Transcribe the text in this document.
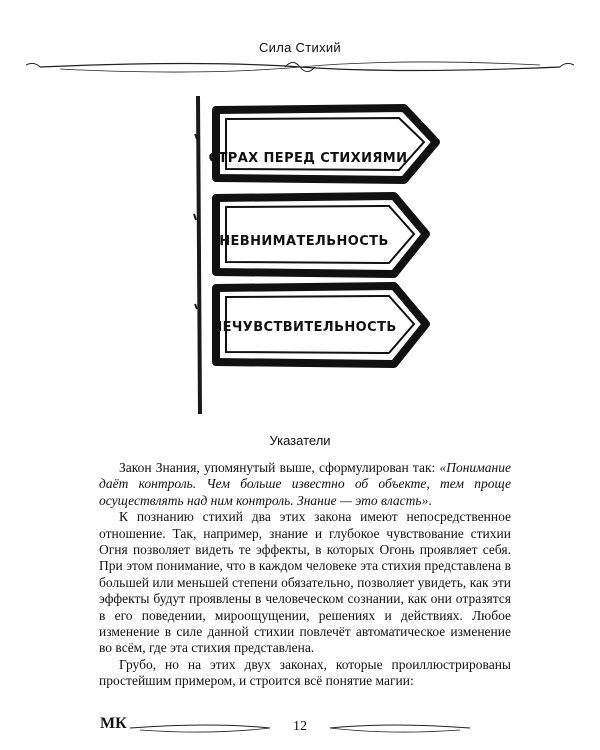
Сила Стихий
СТРАХ ПЕРЕД СТИХИЯМИ
НЕВНИМАТЕЛЬНОСТЬ
НЕЧУВСТВИТЕЛЬНОСТЬ
Указатели

Закон Знания, упомянутый выше, сформулирован так: «Понимание даёт контроль. Чем больше известно об объекте, тем проще осуществлять над ним контроль. Знание — это власть».

К познанию стихий два этих закона имеют непосредственное отношение. Так, например, знание и глубокое чувствование стихии Огня позволяет видеть те эффекты, в которых Огонь проявляет себя. При этом понимание, что в каждом человеке эта стихия представлена в большей или меньшей степени обязательно, позволяет увидеть, как эти эффекты будут проявлены в человеческом сознании, как они отразятся в его поведении, мироощущении, решениях и действиях. Любое изменение в силе данной стихии повлечёт автоматическое изменение во всём, где эта стихия представлена.

Грубо, но на этих двух законах, которые проиллюстрированы простейшим примером, и строится всё понятие магии:

МК	12
